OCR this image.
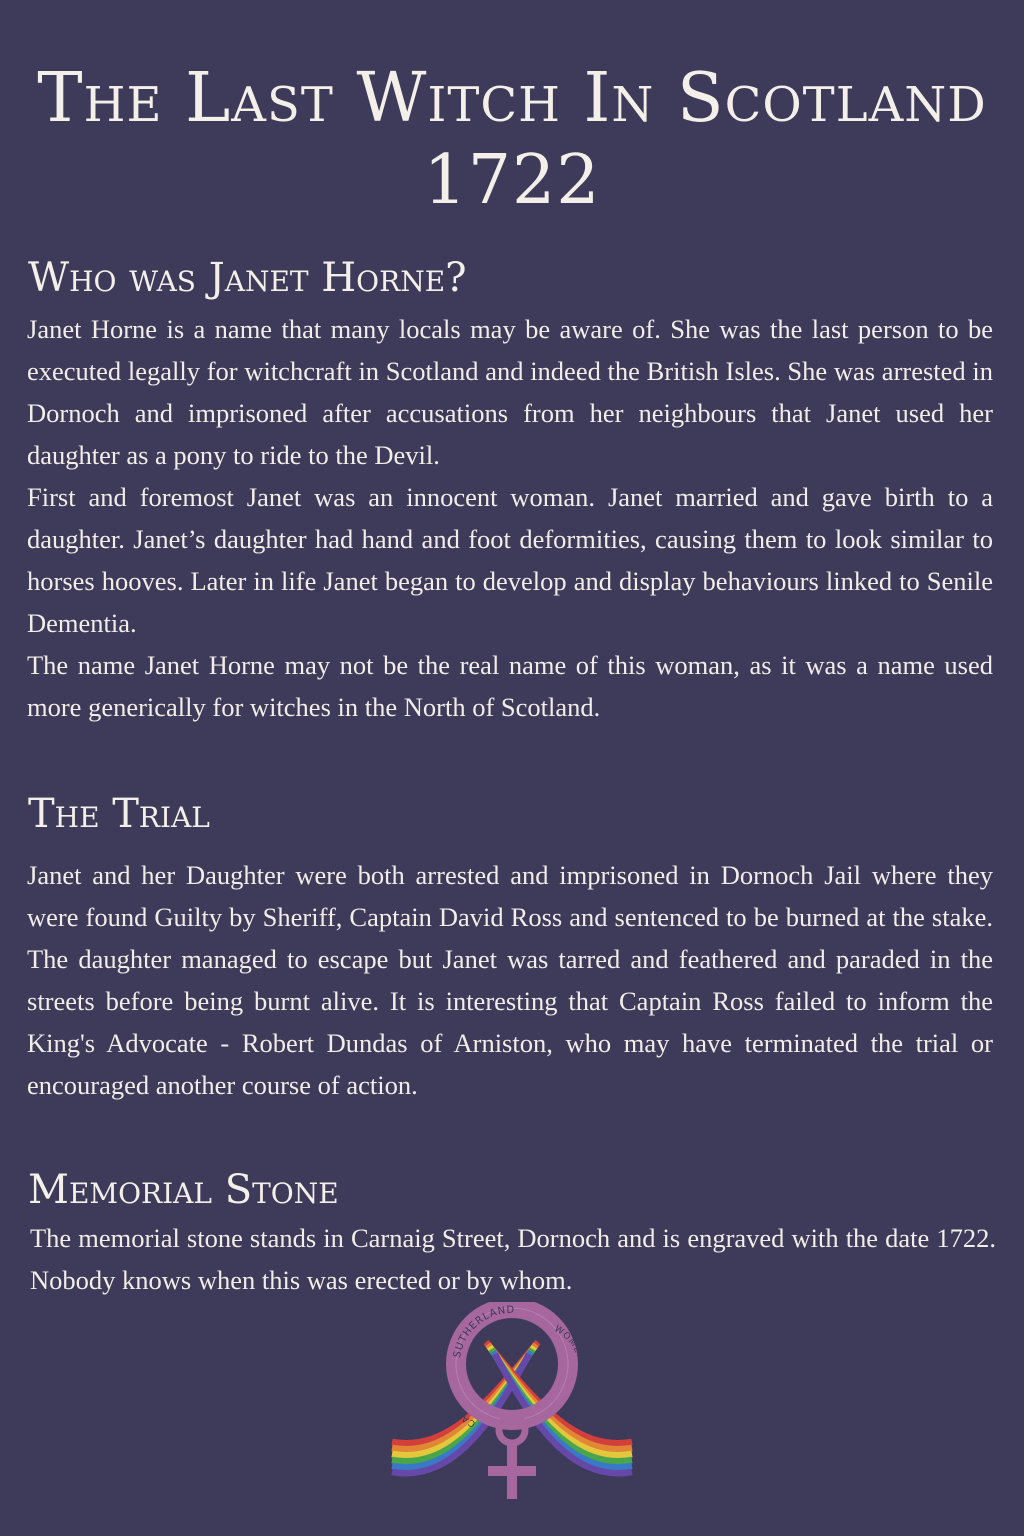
The Last Witch In Scotland
1722
Who was Janet Horne?

Janet Horne is a name that many locals may be aware of. She was the last person to be executed legally for witchcraft in Scotland and indeed the British Isles. She was arrested in Dornoch and imprisoned after accusations from her neighbours that Janet used her daughter as a pony to ride to the Devil.

First and foremost Janet was an innocent woman. Janet married and gave birth to a daughter. Janet’s daughter had hand and foot deformities, causing them to look similar to horses hooves. Later in life Janet began to develop and display behaviours linked to Senile Dementia.

The name Janet Horne may not be the real name of this woman, as it was a name used more generically for witches in the North of Scotland.

The Trial

Janet and her Daughter were both arrested and imprisoned in Dornoch Jail where they were found Guilty by Sheriff, Captain David Ross and sentenced to be burned at the stake. The daughter managed to escape but Janet was tarred and feathered and paraded in the streets before being burnt alive. It is interesting that Captain Ross failed to inform the King's Advocate - Robert Dundas of Arniston, who may have terminated the trial or encouraged another course of action.

Memorial Stone

The memorial stone stands in Carnaig Street, Dornoch and is engraved with the date 1722. Nobody knows when this was erected or by whom.

SUTHERLAND
CAITHNESS &
WOMEN'S AID
